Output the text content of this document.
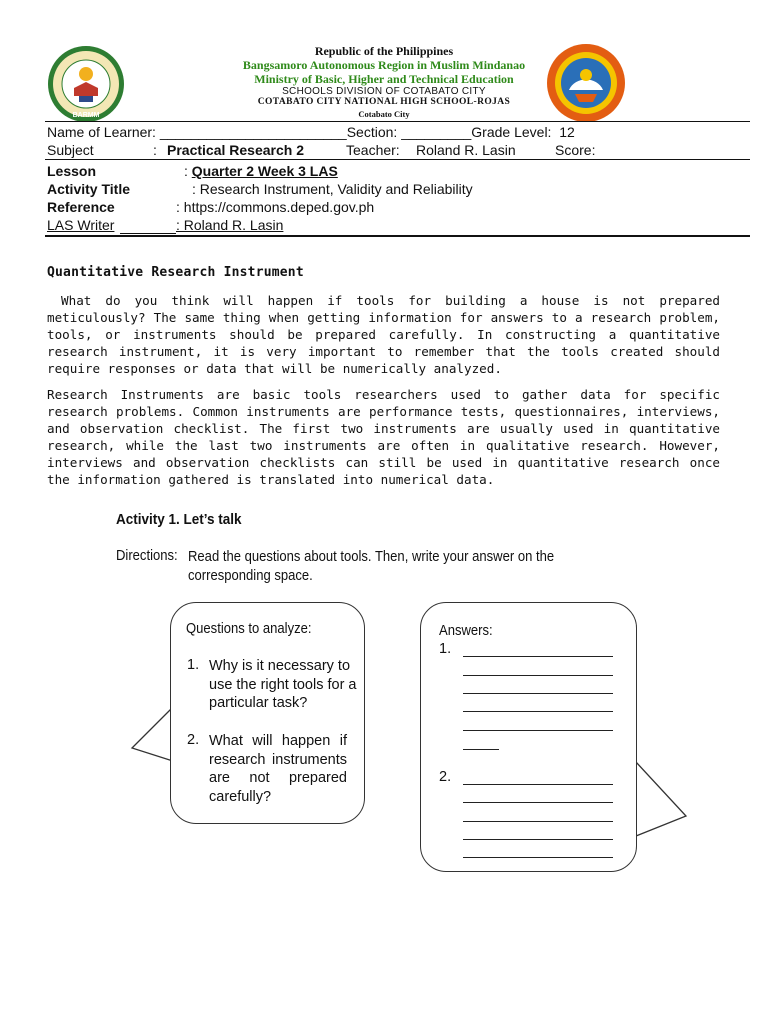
BARMM
Republic of the Philippines
Bangsamoro Autonomous Region in Muslim Mindanao
Ministry of Basic, Higher and Technical Education
SCHOOLS DIVISION OF COTABATO CITY
COTABATO CITY NATIONAL HIGH SCHOOL-ROJAS
Cotabato City
Name of Learner: ________________________Section: _________Grade Level: 12
Subject	: Practical Research 2	Teacher: Roland R. Lasin	Score:
Lesson	: Quarter 2 Week 3 LAS
Activity Title	: Research Instrument, Validity and Reliability
Reference	: https://commons.deped.gov.ph
LAS Writer	: Roland R. Lasin
Quantitative Research Instrument
What do you think will happen if tools for building a house is not prepared meticulously? The same thing when getting information for answers to a research problem, tools, or instruments should be prepared carefully. In constructing a quantitative research instrument, it is very important to remember that the tools created should require responses or data that will be numerically analyzed.
Research Instruments are basic tools researchers used to gather data for specific research problems. Common instruments are performance tests, questionnaires, interviews, and observation checklist. The first two instruments are usually used in quantitative research, while the last two instruments are often in qualitative research. However, interviews and observation checklists can still be used in quantitative research once the information gathered is translated into numerical data.
Activity 1. Let’s talk
Directions: Read the questions about tools. Then, write your answer on the corresponding space.
Questions to analyze:
1. Why is it necessary to use the right tools for a particular task?
2. What will happen if research instruments are not prepared carefully?
Answers:
1.
2.
